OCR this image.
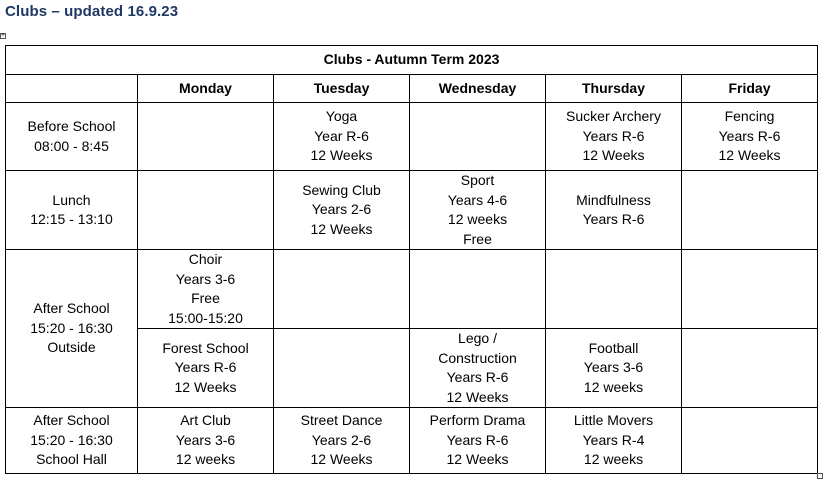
Clubs – updated 16.9.23
+
Clubs - Autumn Term 2023					
	Monday	Tuesday	Wednesday	Thursday	Friday

Before School
08:00 - 8:45		Yoga
Year R-6
12 Weeks		Sucker Archery
Years R-6
12 Weeks	Fencing
Years R-6
12 Weeks

Lunch
12:15 - 13:10		Sewing Club
Years 2-6
12 Weeks	Sport
Years 4-6
12 weeks
Free	Mindfulness
Years R-6	

After School
15:20 - 16:30
Outside	Choir
Years 3-6
Free
15:00-15:20				

	Forest School
Years R-6
12 Weeks		Lego /
Construction
Years R-6
12 Weeks	Football
Years 3-6
12 weeks	

After School
15:20 - 16:30
School Hall	Art Club
Years 3-6
12 weeks	Street Dance
Years 2-6
12 Weeks	Perform Drama
Years R-6
12 Weeks	Little Movers
Years R-4
12 weeks	
